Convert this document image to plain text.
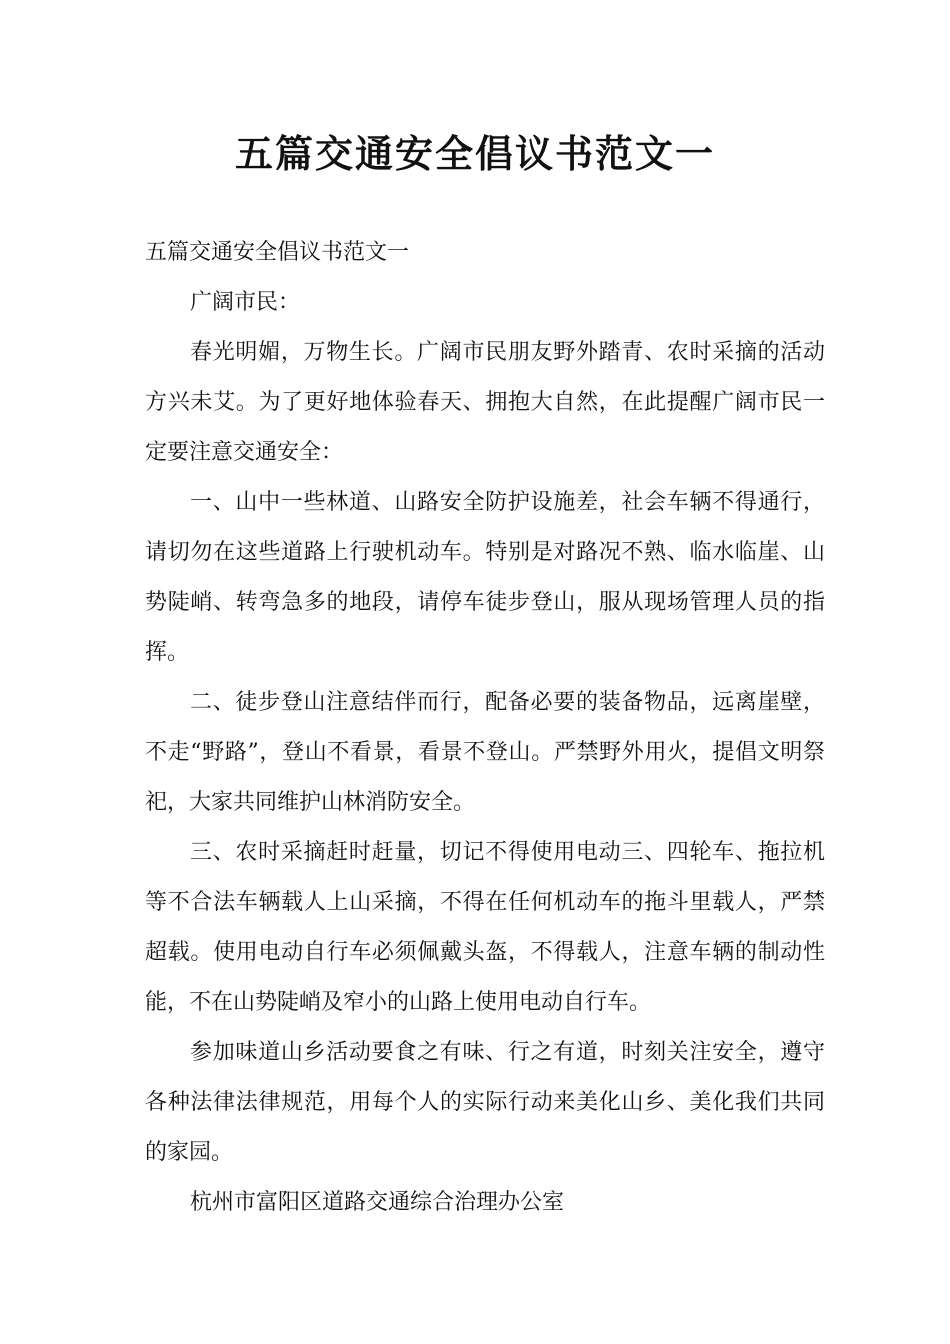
五篇交通安全倡议书范文一

五篇交通安全倡议书范文一

广阔市民：

春光明媚，万物生长。广阔市民朋友野外踏青、农时采摘的活动方兴未艾。为了更好地体验春天、拥抱大自然，在此提醒广阔市民一定要注意交通安全：

一、山中一些林道、山路安全防护设施差，社会车辆不得通行，请切勿在这些道路上行驶机动车。特别是对路况不熟、临水临崖、山势陡峭、转弯急多的地段，请停车徒步登山，服从现场管理人员的指挥。

二、徒步登山注意结伴而行，配备必要的装备物品，远离崖壁，不走“野路”，登山不看景，看景不登山。严禁野外用火，提倡文明祭祀，大家共同维护山林消防安全。

三、农时采摘赶时赶量，切记不得使用电动三、四轮车、拖拉机等不合法车辆载人上山采摘，不得在任何机动车的拖斗里载人，严禁超载。使用电动自行车必须佩戴头盔，不得载人，注意车辆的制动性能，不在山势陡峭及窄小的山路上使用电动自行车。

参加味道山乡活动要食之有味、行之有道，时刻关注安全，遵守各种法律法律规范，用每个人的实际行动来美化山乡、美化我们共同的家园。

杭州市富阳区道路交通综合治理办公室
